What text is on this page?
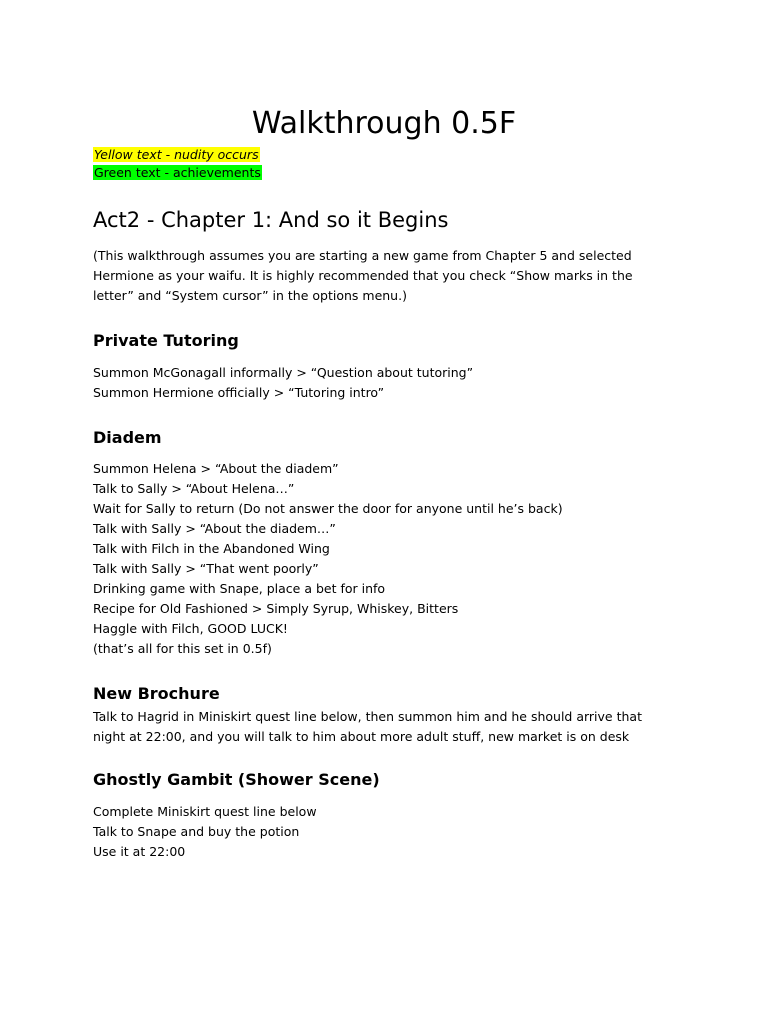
Walkthrough 0.5F
Yellow text - nudity occurs
Green text - achievements
Act2 - Chapter 1: And so it Begins

(This walkthrough assumes you are starting a new game from Chapter 5 and selected Hermione as your waifu. It is highly recommended that you check “Show marks in the letter” and “System cursor” in the options menu.)

Private Tutoring
Summon McGonagall informally > “Question about tutoring”
Summon Hermione officially > “Tutoring intro”
Diadem
Summon Helena > “About the diadem”
Talk to Sally > “About Helena…”
Wait for Sally to return (Do not answer the door for anyone until he’s back)
Talk with Sally > “About the diadem…”
Talk with Filch in the Abandoned Wing
Talk with Sally > “That went poorly”
Drinking game with Snape, place a bet for info
Recipe for Old Fashioned > Simply Syrup, Whiskey, Bitters
Haggle with Filch, GOOD LUCK!
(that’s all for this set in 0.5f)
New Brochure

Talk to Hagrid in Miniskirt quest line below, then summon him and he should arrive that night at 22:00, and you will talk to him about more adult stuff, new market is on desk

Ghostly Gambit (Shower Scene)
Complete Miniskirt quest line below
Talk to Snape and buy the potion
Use it at 22:00
